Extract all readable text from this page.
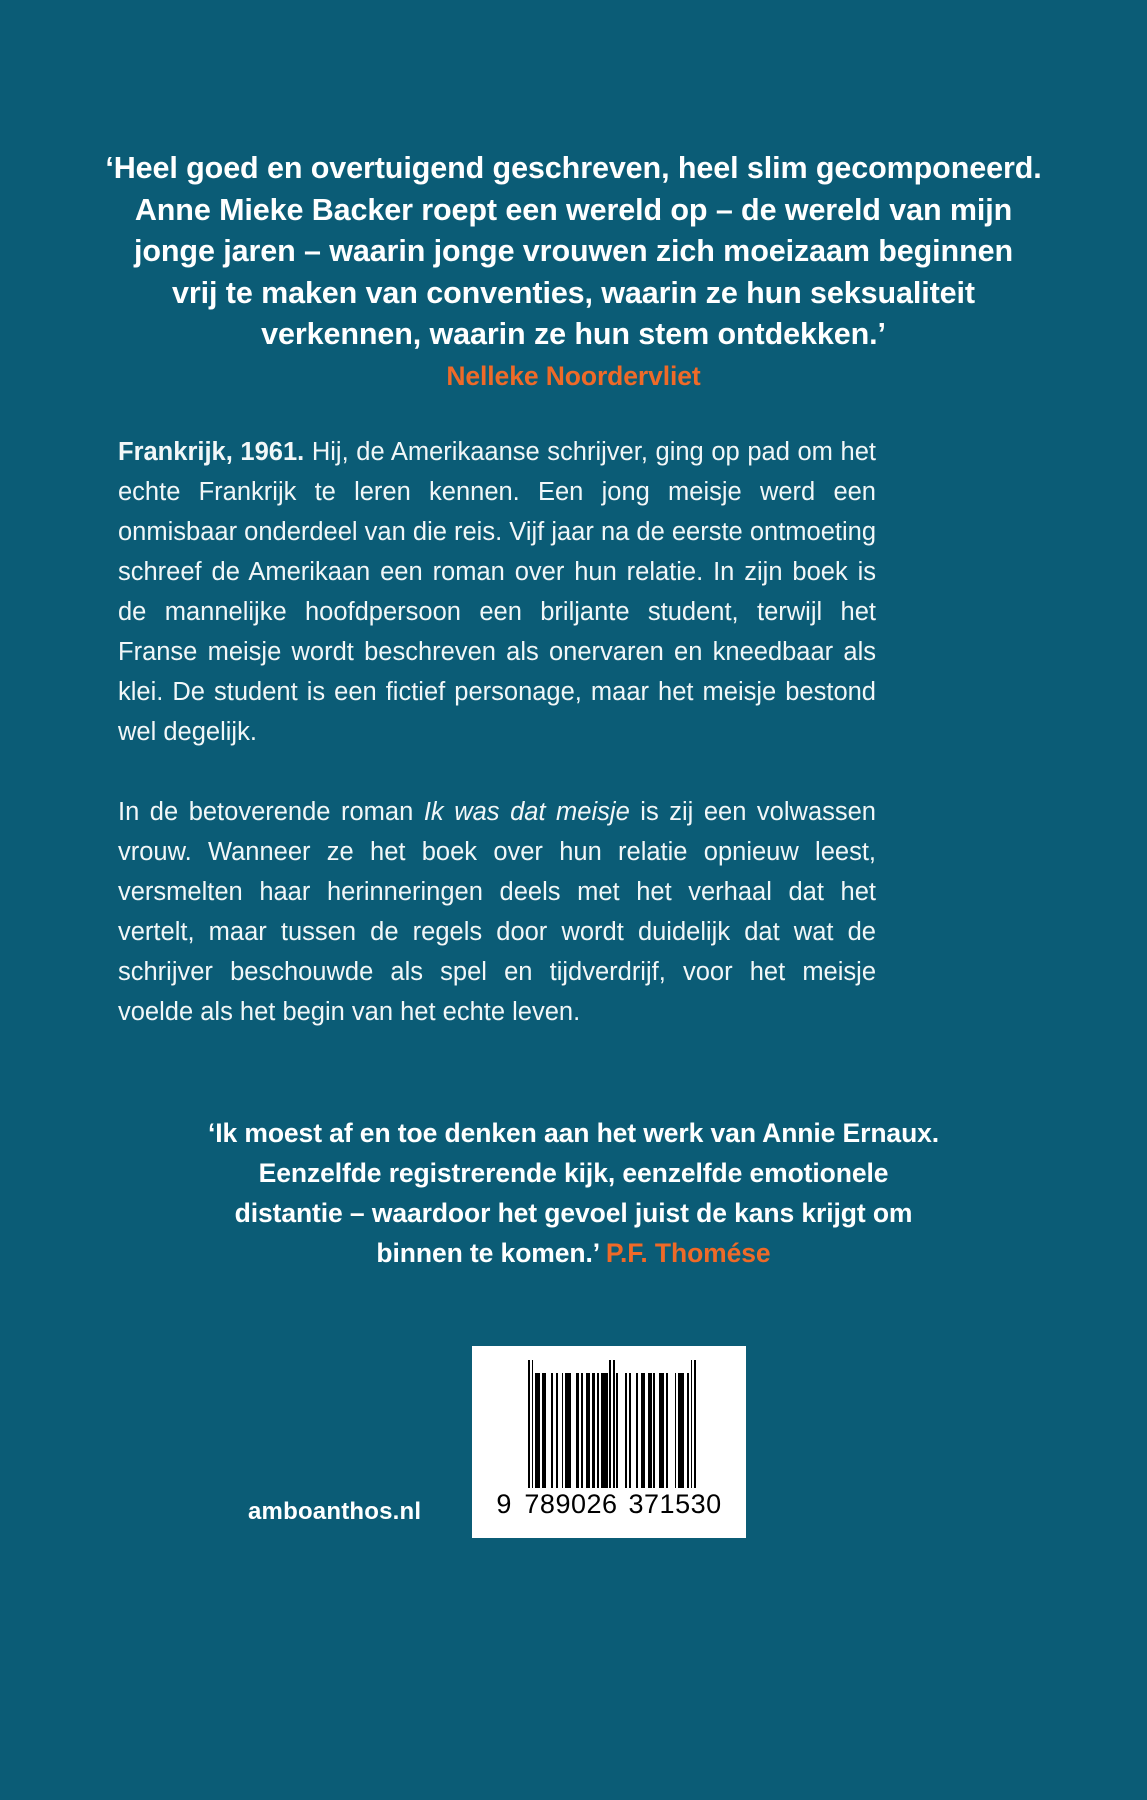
‘Heel goed en overtuigend geschreven, heel slim gecomponeerd.
Anne Mieke Backer roept een wereld op – de wereld van mijn
jonge jaren – waarin jonge vrouwen zich moeizaam beginnen
vrij te maken van conventies, waarin ze hun seksualiteit
verkennen, waarin ze hun stem ontdekken.’
Nelleke Noordervliet

Frankrijk, 1961. Hij, de Amerikaanse schrijver, ging op pad om het echte Frankrijk te leren kennen. Een jong meisje werd een onmisbaar onderdeel van die reis. Vijf jaar na de eerste ontmoeting schreef de Amerikaan een roman over hun relatie. In zijn boek is de mannelijke hoofdpersoon een briljante student, terwijl het Franse meisje wordt beschreven als onervaren en kneedbaar als klei. De student is een fictief personage, maar het meisje bestond wel degelijk.

In de betoverende roman Ik was dat meisje is zij een volwassen vrouw. Wanneer ze het boek over hun relatie opnieuw leest, versmelten haar herinneringen deels met het verhaal dat het vertelt, maar tussen de regels door wordt duidelijk dat wat de schrijver beschouwde als spel en tijdverdrijf, voor het meisje voelde als het begin van het echte leven.

‘Ik moest af en toe denken aan het werk van Annie Ernaux.
Eenzelfde registrerende kijk, eenzelfde emotionele
distantie – waardoor het gevoel juist de kans krijgt om
binnen te komen.’ P.F. Thomése
amboanthos.nl	9 789026 371530
